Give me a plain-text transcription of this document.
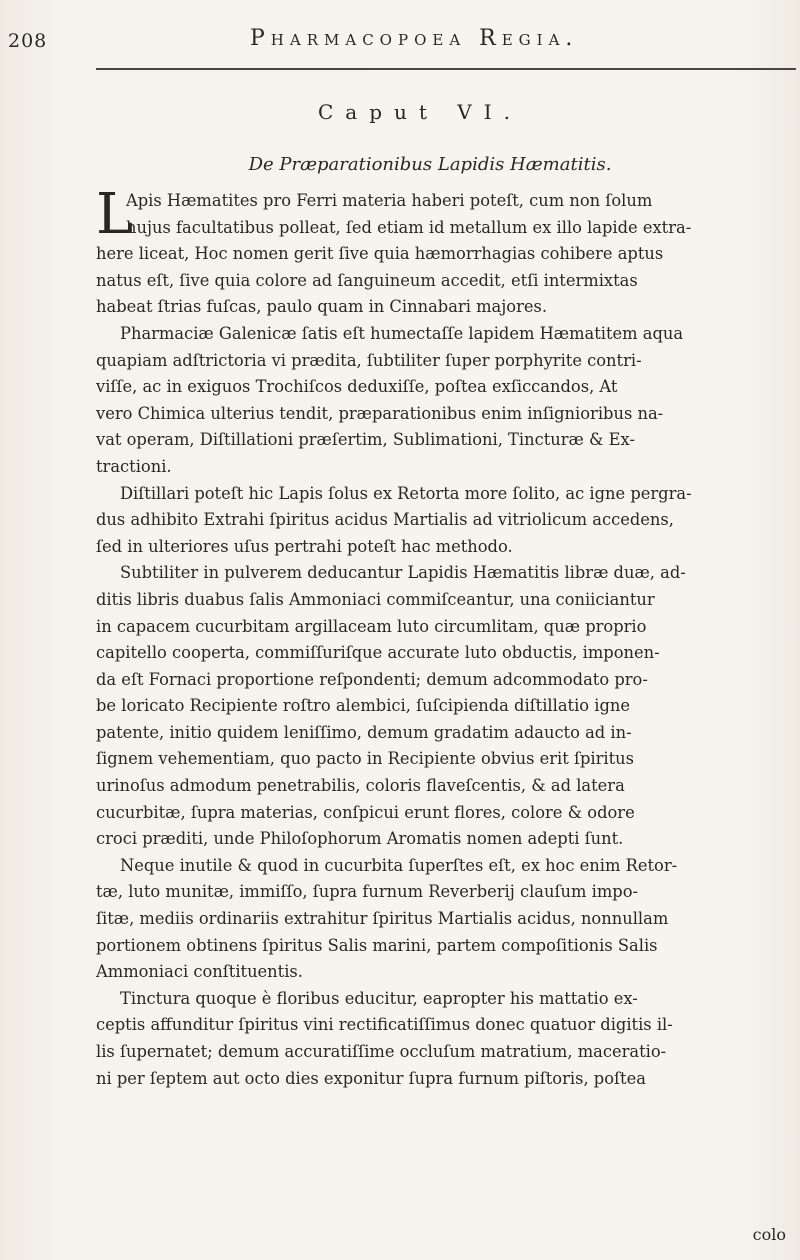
208	Pharmacopoea Regia.
Caput VI.
De Præparationibus Lapidis Hæmatitis.
L
Apis Hæmatites pro Ferri materia haberi poteſt, cum non ſolum
hujus facultatibus polleat, ſed etiam id metallum ex illo lapide extra-
here liceat, Hoc nomen gerit ſive quia hæmorrhagias cohibere aptus
natus eſt, ſive quia colore ad ſanguineum accedit, etſi intermixtas
habeat ſtrias fuſcas, paulo quam in Cinnabari majores.
Pharmaciæ Galenicæ ſatis eſt humectaſſe lapidem Hæmatitem aqua
quapiam adſtrictoria vi prædita, ſubtiliter ſuper porphyrite contri-
viſſe, ac in exiguos Trochiſcos deduxiſſe, poſtea exſiccandos, At
vero Chimica ulterius tendit, præparationibus enim inſignioribus na-
vat operam, Diſtillationi præſertim, Sublimationi, Tincturæ & Ex-
tractioni.
Diſtillari poteſt hic Lapis ſolus ex Retorta more ſolito, ac igne pergra-
dus adhibito Extrahi ſpiritus acidus Martialis ad vitriolicum accedens,
ſed in ulteriores uſus pertrahi poteſt hac methodo.
Subtiliter in pulverem deducantur Lapidis Hæmatitis libræ duæ, ad-
ditis libris duabus ſalis Ammoniaci commiſceantur, una coniiciantur
in capacem cucurbitam argillaceam luto circumlitam, quæ proprio
capitello cooperta, commiſſuriſque accurate luto obductis, imponen-
da eſt Fornaci proportione reſpondenti; demum adcommodato pro-
be loricato Recipiente roſtro alembici, ſuſcipienda diſtillatio igne
patente, initio quidem leniſſimo, demum gradatim adaucto ad in-
ſignem vehementiam, quo pacto in Recipiente obvius erit ſpiritus
urinoſus admodum penetrabilis, coloris flaveſcentis, & ad latera
cucurbitæ, ſupra materias, conſpicui erunt flores, colore & odore
croci præditi, unde Philoſophorum Aromatis nomen adepti ſunt.
Neque inutile & quod in cucurbita ſuperſtes eſt, ex hoc enim Retor-
tæ, luto munitæ, immiſſo, ſupra furnum Reverberij clauſum impo-
ſitæ, mediis ordinariis extrahitur ſpiritus Martialis acidus, nonnullam
portionem obtinens ſpiritus Salis marini, partem compoſitionis Salis
Ammoniaci conſtituentis.
Tinctura quoque è floribus educitur, eapropter his mattatio ex-
ceptis affunditur ſpiritus vini rectificatiſſimus donec quatuor digitis il-
lis ſupernatet; demum accuratiſſime occluſum matratium, maceratio-
ni per ſeptem aut octo dies exponitur ſupra furnum piſtoris, poſtea
colo
